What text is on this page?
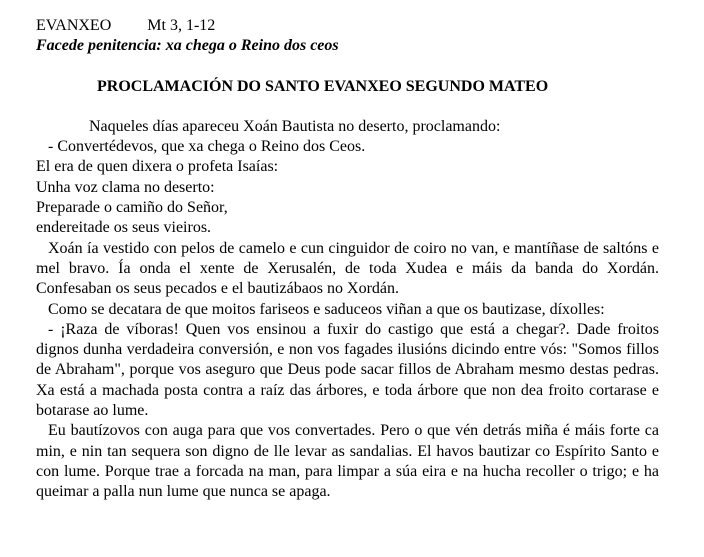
EVANXEO Mt 3, 1-12
Facede penitencia: xa chega o Reino dos ceos
PROCLAMACIÓN DO SANTO EVANXEO SEGUNDO MATEO

Naqueles días apareceu Xoán Bautista no deserto, proclamando:

- Convertédevos, que xa chega o Reino dos Ceos.

El era de quen dixera o profeta Isaías:

Unha voz clama no deserto:

Preparade o camiño do Señor,

endereitade os seus vieiros.

Xoán ía vestido con pelos de camelo e cun cinguidor de coiro no van, e mantíñase de saltóns e mel bravo. Ía onda el xente de Xerusalén, de toda Xudea e máis da banda do Xordán. Confesaban os seus pecados e el bautizábaos no Xordán.

Como se decatara de que moitos fariseos e saduceos viñan a que os bautizase, díxolles:

- ¡Raza de víboras! Quen vos ensinou a fuxir do castigo que está a chegar?. Dade froitos dignos dunha verdadeira conversión, e non vos fagades ilusións dicindo entre vós: "Somos fillos de Abraham", porque vos aseguro que Deus pode sacar fillos de Abraham mesmo destas pedras. Xa está a machada posta contra a raíz das árbores, e toda árbore que non dea froito cortarase e botarase ao lume.

Eu bautízovos con auga para que vos convertades. Pero o que vén detrás miña é máis forte ca min, e nin tan sequera son digno de lle levar as sandalias. El havos bautizar co Espírito Santo e con lume. Porque trae a forcada na man, para limpar a súa eira e na hucha recoller o trigo; e ha queimar a palla nun lume que nunca se apaga.
